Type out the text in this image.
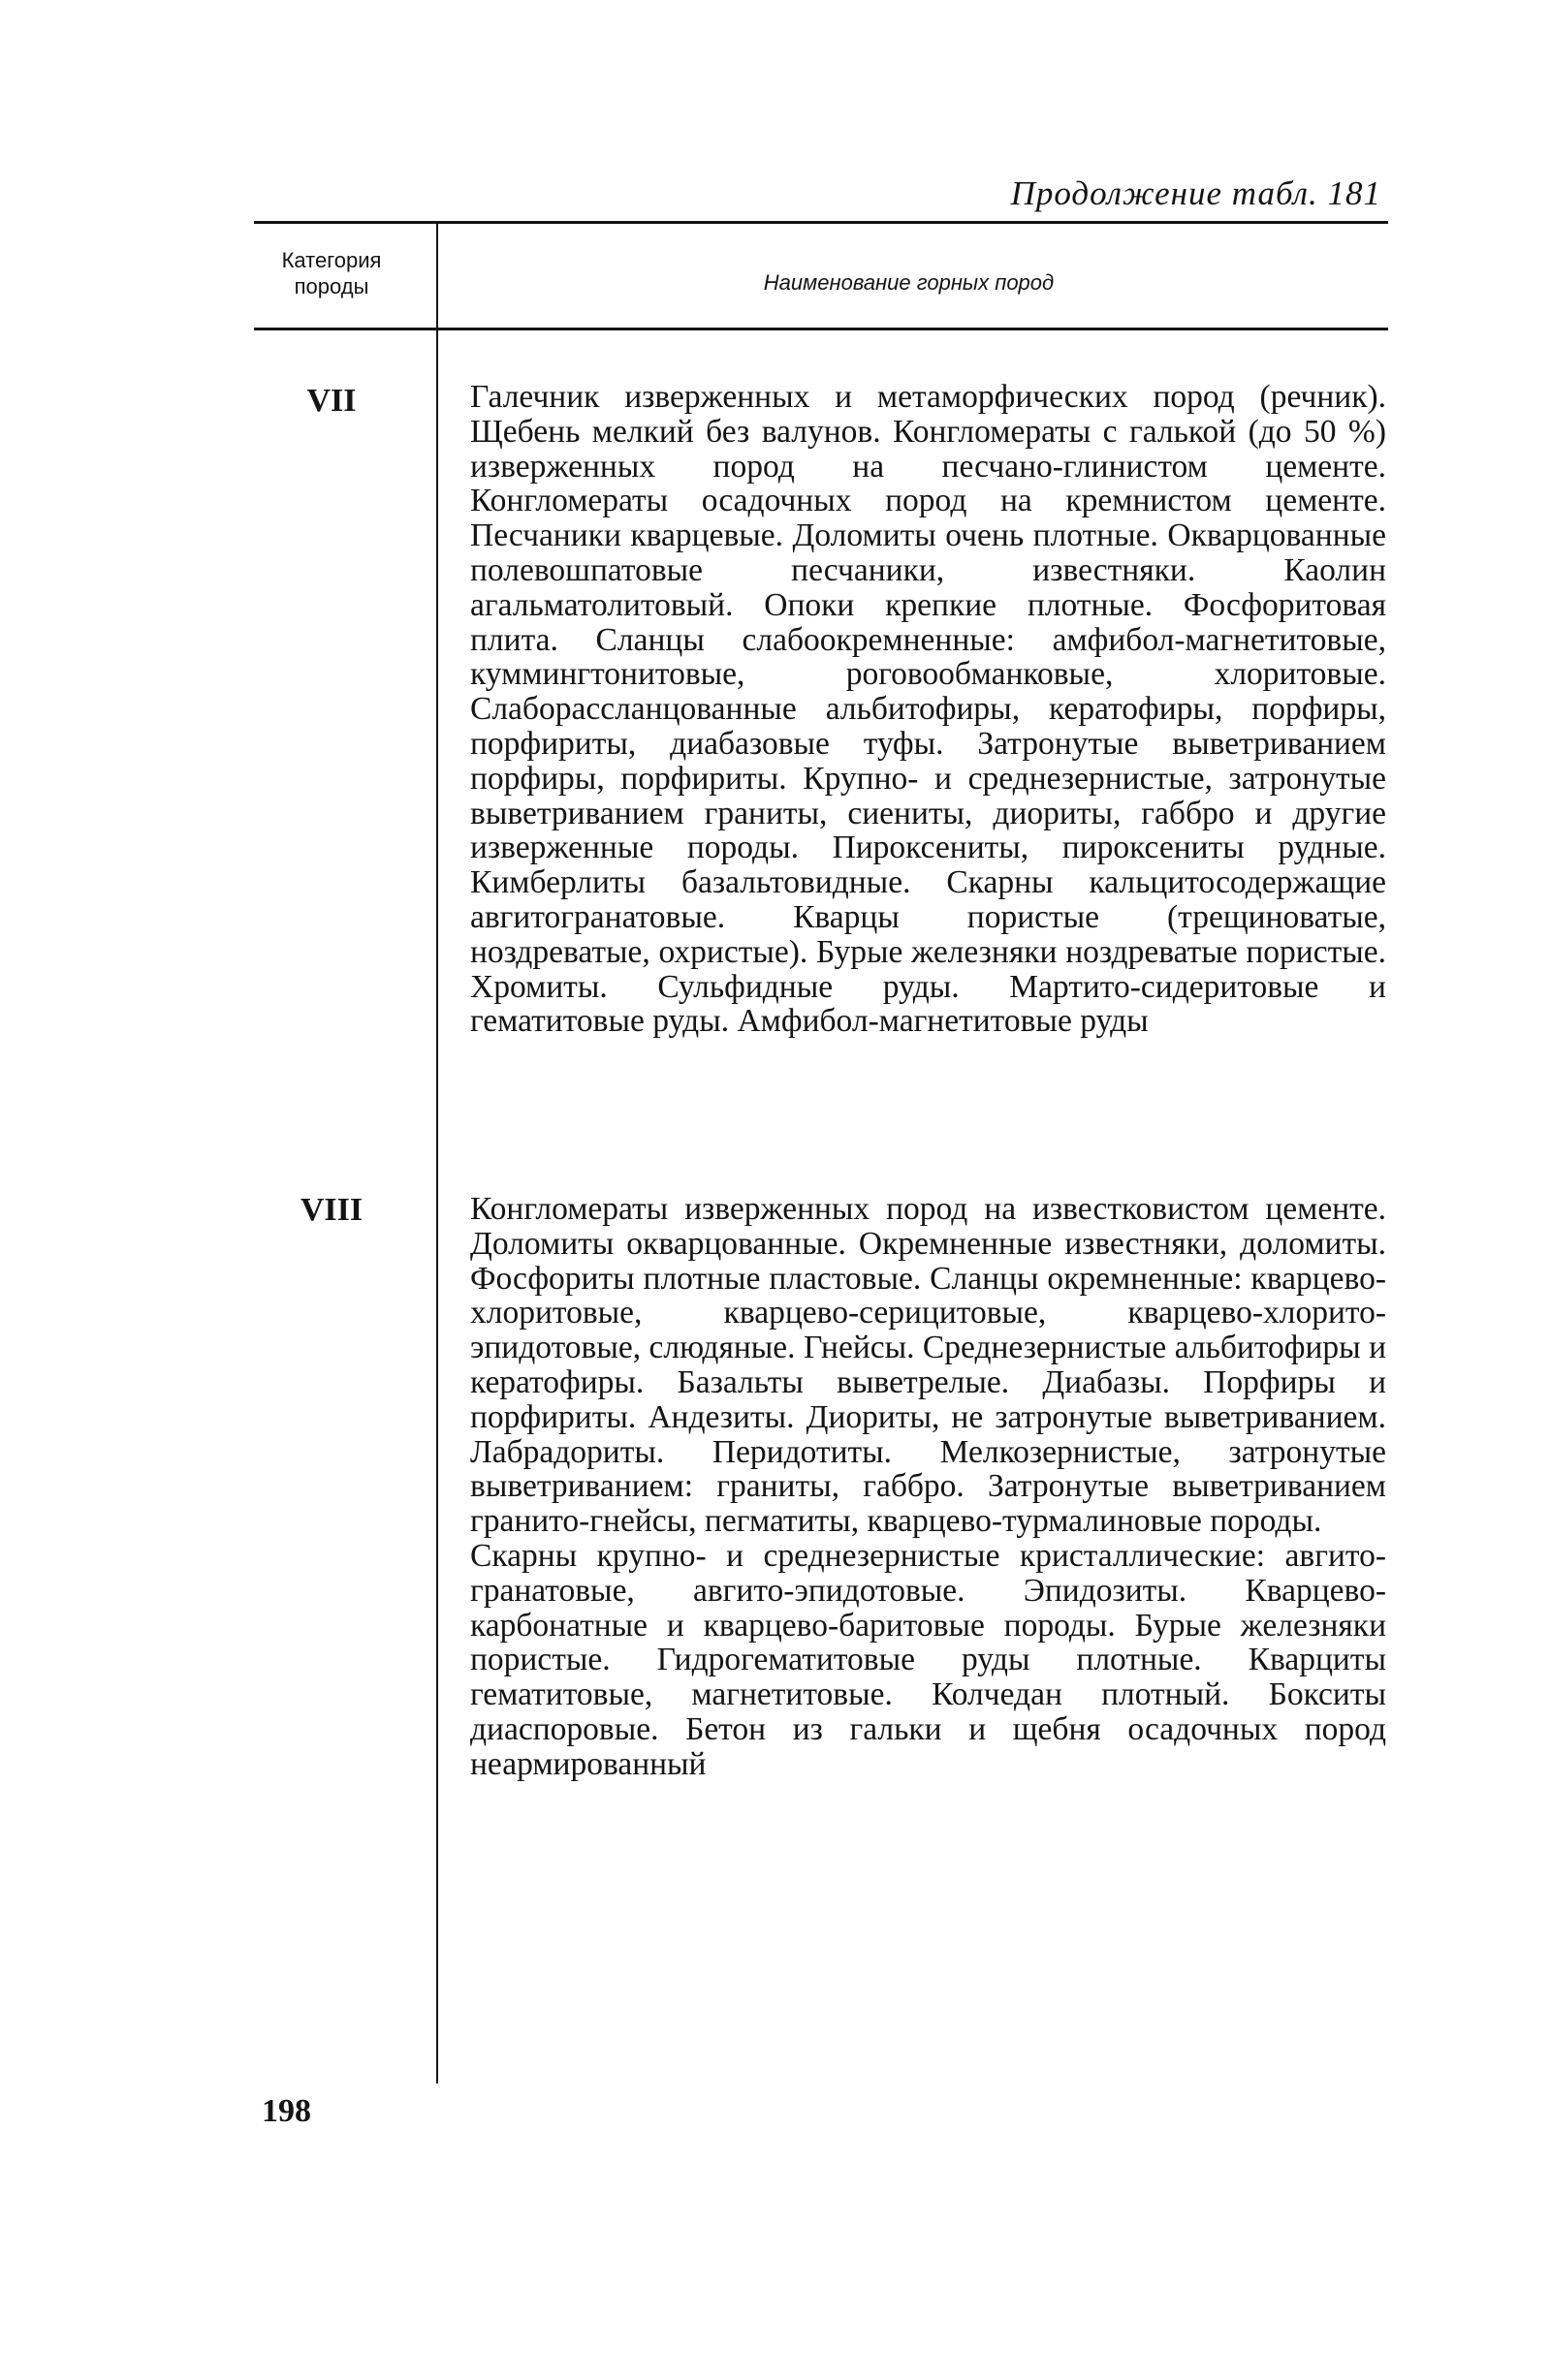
Продолжение табл. 181
Категория породы	Наименование горных пород
VII	Галечник изверженных и метаморфических пород (речник). Щебень мелкий без валунов. Конгломераты с галькой (до 50 %) изверженных пород на песчано-глинистом цементе. Конгломераты осадочных пород на кремнистом цементе. Песчаники кварцевые. Доломиты очень плотные. Окварцованные полевошпатовые песчаники, известняки. Каолин агальматолитовый. Опоки крепкие плотные. Фосфоритовая плита. Сланцы слабоокремненные: амфибол-магнетитовые, куммингтонитовые, роговообманковые, хлоритовые. Слаборассланцованные альбитофиры, кератофиры, порфиры, порфириты, диабазовые туфы. Затронутые выветриванием порфиры, порфириты. Крупно- и среднезернистые, затронутые выветриванием граниты, сиениты, диориты, габбро и другие изверженные породы. Пироксениты, пироксениты рудные. Кимберлиты базальтовидные. Скарны кальцитосодержащие авгитогранатовые. Кварцы пористые (трещиноватые, ноздреватые, охристые). Бурые железняки ноздреватые пористые. Хромиты. Сульфидные руды. Мартито-сидеритовые и гематитовые руды. Амфибол-магнетитовые руды

VIII	Конгломераты изверженных пород на известковистом цементе. Доломиты окварцованные. Окремненные известняки, доломиты. Фосфориты плотные пластовые. Сланцы окремненные: кварцево-хлоритовые, кварцево-серицитовые, кварцево-хлорито-эпидотовые, слюдяные. Гнейсы. Среднезернистые альбитофиры и кератофиры. Базальты выветрелые. Диабазы. Порфиры и порфириты. Андезиты. Диориты, не затронутые выветриванием. Лабрадориты. Перидотиты. Мелкозернистые, затронутые выветриванием: граниты, габбро. Затронутые выветриванием гранито-гнейсы, пегматиты, кварцево-турмалиновые породы.

Скарны крупно- и среднезернистые кристаллические: авгито-гранатовые, авгито-эпидотовые. Эпидозиты. Кварцево-карбонатные и кварцево-баритовые породы. Бурые железняки пористые. Гидрогематитовые руды плотные. Кварциты гематитовые, магнетитовые. Колчедан плотный. Бокситы диаспоровые. Бетон из гальки и щебня осадочных пород неармированный

198
